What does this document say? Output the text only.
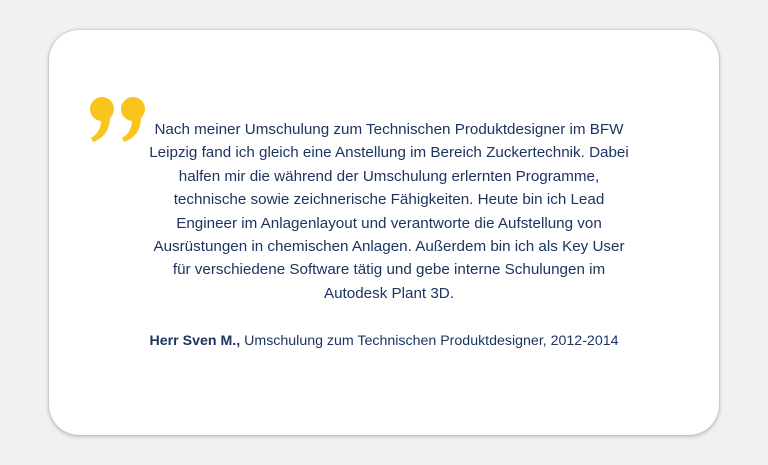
Nach meiner Umschulung zum Technischen Produktdesigner im BFW Leipzig fand ich gleich eine Anstellung im Bereich Zuckertechnik. Dabei halfen mir die während der Umschulung erlernten Programme, technische sowie zeichnerische Fähigkeiten. Heute bin ich Lead Engineer im Anlagenlayout und verantworte die Aufstellung von Ausrüstungen in chemischen Anlagen. Außerdem bin ich als Key User für verschiedene Software tätig und gebe interne Schulungen im Autodesk Plant 3D.

Herr Sven M., Umschulung zum Technischen Produktdesigner, 2012-2014
